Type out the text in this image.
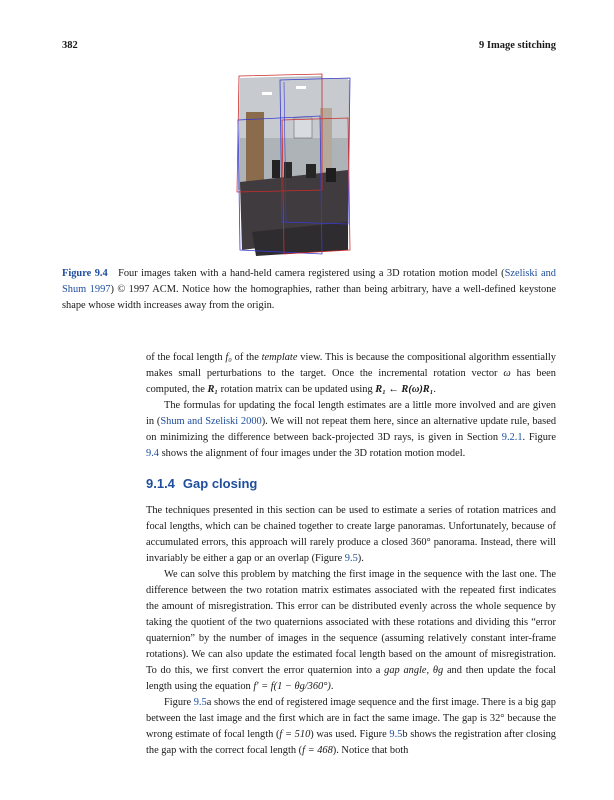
382	9 Image stitching
Figure 9.4 Four images taken with a hand-held camera registered using a 3D rotation motion model (Szeliski and Shum 1997) © 1997 ACM. Notice how the homographies, rather than being arbitrary, have a well-defined keystone shape whose width increases away from the origin.

of the focal length f₀ of the template view. This is because the compositional algorithm essentially makes small perturbations to the target. Once the incremental rotation vector ω has been computed, the R₁ rotation matrix can be updated using R₁ ← R(ω)R₁.

The formulas for updating the focal length estimates are a little more involved and are given in (Shum and Szeliski 2000). We will not repeat them here, since an alternative update rule, based on minimizing the difference between back-projected 3D rays, is given in Section 9.2.1. Figure 9.4 shows the alignment of four images under the 3D rotation motion model.

9.1.4 Gap closing

The techniques presented in this section can be used to estimate a series of rotation matrices and focal lengths, which can be chained together to create large panoramas. Unfortunately, because of accumulated errors, this approach will rarely produce a closed 360° panorama. Instead, there will invariably be either a gap or an overlap (Figure 9.5).

We can solve this problem by matching the first image in the sequence with the last one. The difference between the two rotation matrix estimates associated with the repeated first indicates the amount of misregistration. This error can be distributed evenly across the whole sequence by taking the quotient of the two quaternions associated with these rotations and dividing this “error quaternion” by the number of images in the sequence (assuming relatively constant inter-frame rotations). We can also update the estimated focal length based on the amount of misregistration. To do this, we first convert the error quaternion into a gap angle, θg and then update the focal length using the equation f′ = f(1 − θg/360°).

Figure 9.5a shows the end of registered image sequence and the first image. There is a big gap between the last image and the first which are in fact the same image. The gap is 32° because the wrong estimate of focal length (f = 510) was used. Figure 9.5b shows the registration after closing the gap with the correct focal length (f = 468). Notice that both
